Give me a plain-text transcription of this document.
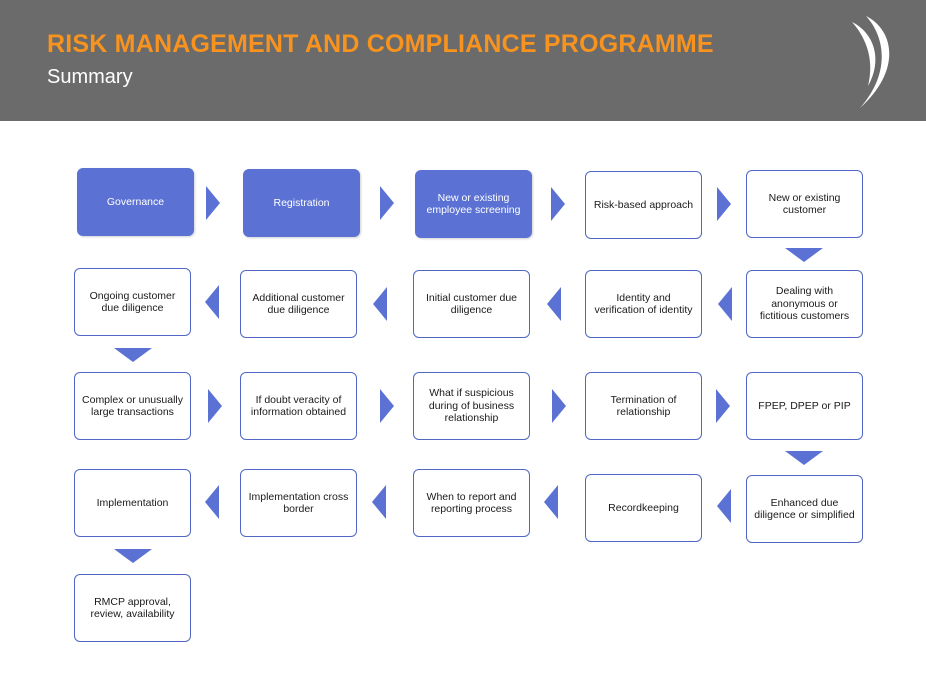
RISK MANAGEMENT AND COMPLIANCE PROGRAMME
Summary
Governance	Registration	New or existing employee screening	Risk-based approach
New or existing customer
Dealing with anonymous or fictitious customers
Identity and verification of identity
Initial customer due diligence
Additional customer due diligence
Ongoing customer due diligence
Complex or unusually large transactions
If doubt veracity of information obtained
What if suspicious during of business relationship
Termination of relationship
FPEP, DPEP or PIP
Enhanced due diligence or simplified
Recordkeeping
When to report and reporting process
Implementation cross border
Implementation
RMCP approval, review, availability
